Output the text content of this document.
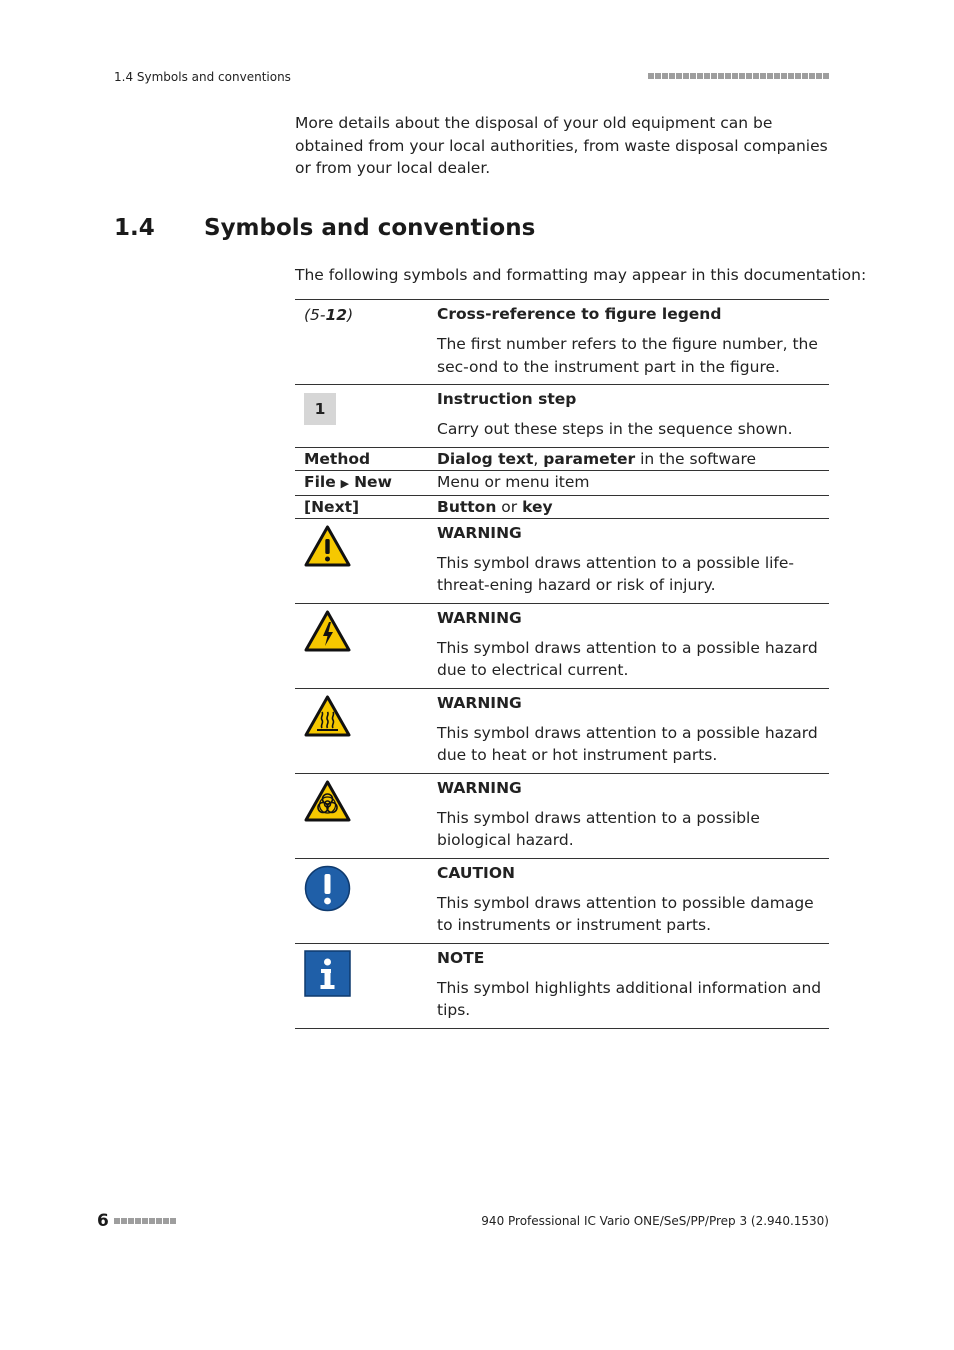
1.4 Symbols and conventions
More details about the disposal of your old equipment can be obtained from your local authorities, from waste disposal companies or from your local dealer.
1.4 Symbols and conventions
The following symbols and formatting may appear in this documentation:
(5-12)	Cross-reference to figure legend
The first number refers to the figure number, the sec-ond to the instrument part in the figure.

1	Instruction step
Carry out these steps in the sequence shown.

Method	Dialog text, parameter in the software
File ▶ New	Menu or menu item
[Next]	Button or key

WARNING
This symbol draws attention to a possible life-threat-ening hazard or risk of injury.

WARNING
This symbol draws attention to a possible hazard due to electrical current.

WARNING
This symbol draws attention to a possible hazard due to heat or hot instrument parts.

WARNING
This symbol draws attention to a possible biological hazard.

CAUTION
This symbol draws attention to possible damage to instruments or instrument parts.

NOTE
This symbol highlights additional information and tips.
6	940 Professional IC Vario ONE/SeS/PP/Prep 3 (2.940.1530)
